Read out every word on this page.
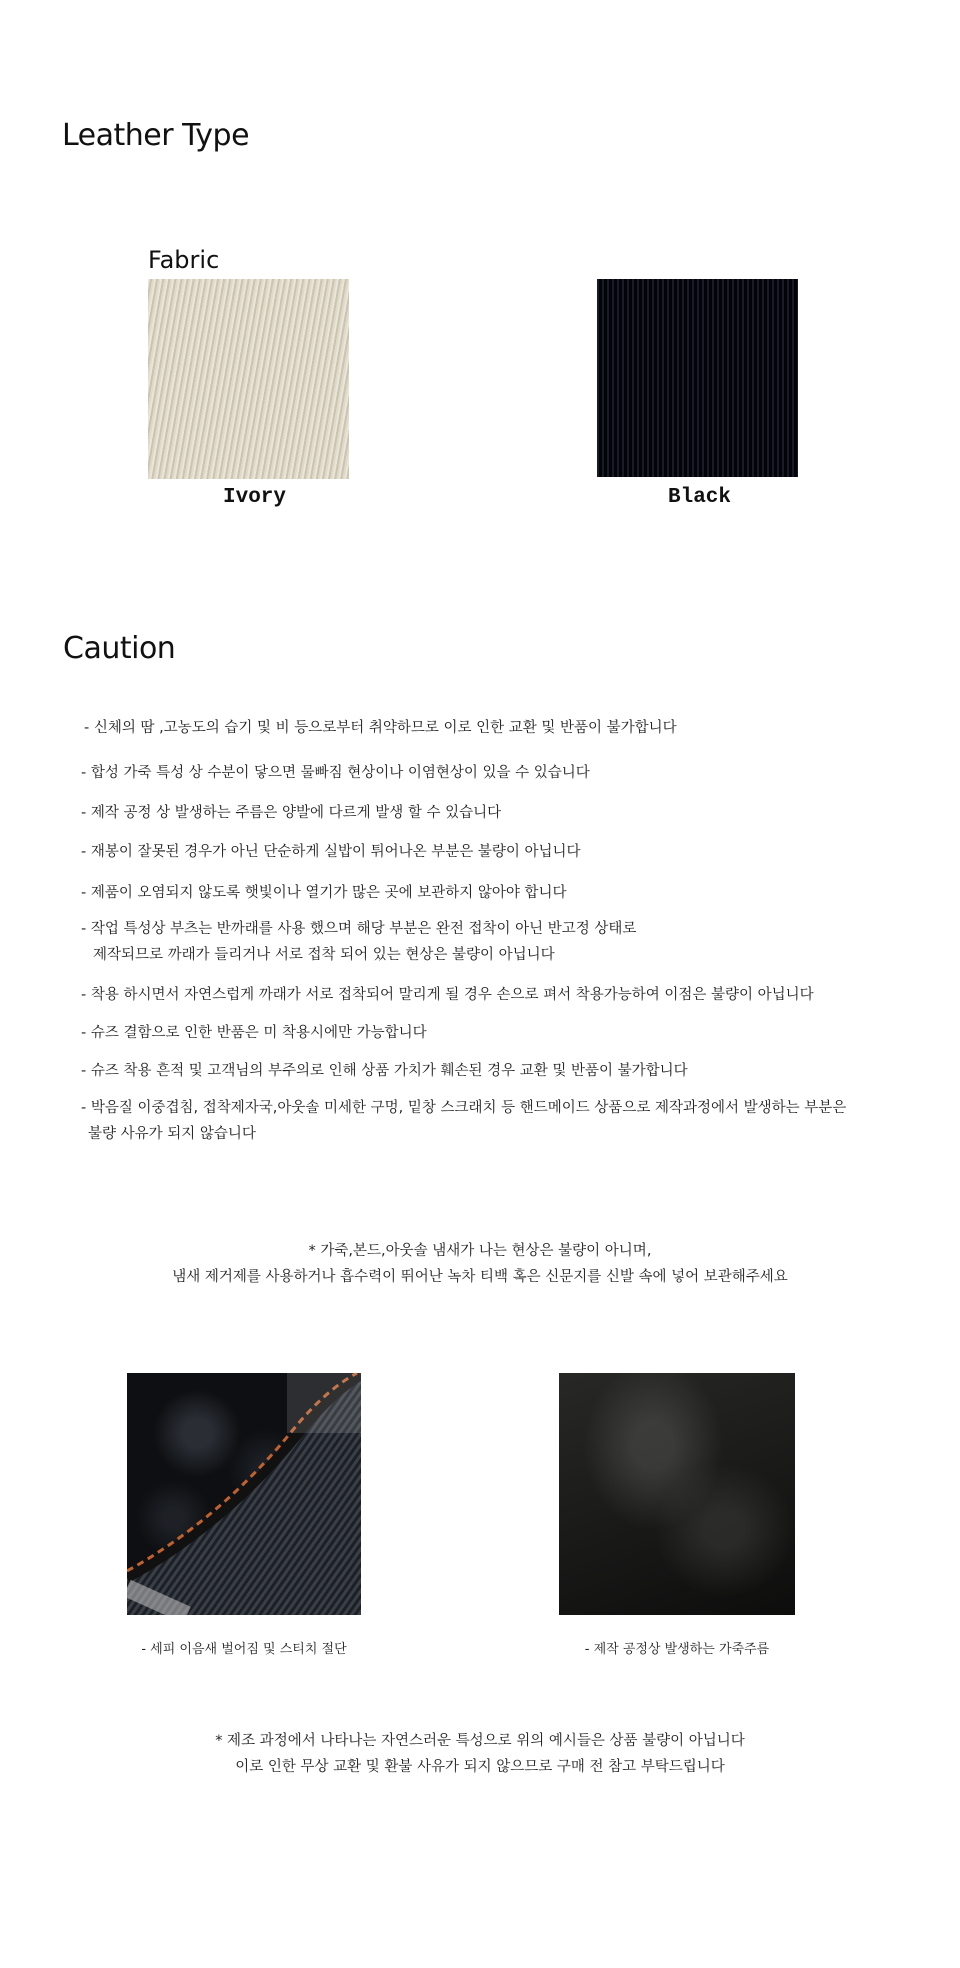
Leather Type
Fabric
Ivory	Black
Caution
- 신체의 땀 ,고농도의 습기 및 비 등으로부터 취약하므로 이로 인한 교환 및 반품이 불가합니다
- 합성 가죽 특성 상 수분이 닿으면 물빠짐 현상이나 이염현상이 있을 수 있습니다
- 제작 공정 상 발생하는 주름은 양발에 다르게 발생 할 수 있습니다
- 재봉이 잘못된 경우가 아닌 단순하게 실밥이 튀어나온 부분은 불량이 아닙니다
- 제품이 오염되지 않도록 햇빛이나 열기가 많은 곳에 보관하지 않아야 합니다
- 작업 특성상 부츠는 반까래를 사용 했으며 해당 부분은 완전 접착이 아닌 반고정 상태로
제작되므로 까래가 들리거나 서로 접착 되어 있는 현상은 불량이 아닙니다
- 착용 하시면서 자연스럽게 까래가 서로 접착되어 말리게 될 경우 손으로 펴서 착용가능하여 이점은 불량이 아닙니다
- 슈즈 결함으로 인한 반품은 미 착용시에만 가능합니다
- 슈즈 착용 흔적 및 고객님의 부주의로 인해 상품 가치가 훼손된 경우 교환 및 반품이 불가합니다
- 박음질 이중겹침, 접착제자국,아웃솔 미세한 구멍, 밑창 스크래치 등 핸드메이드 상품으로 제작과정에서 발생하는 부분은
불량 사유가 되지 않습니다
* 가죽,본드,아웃솔 냄새가 나는 현상은 불량이 아니며,
냄새 제거제를 사용하거나 흡수력이 뛰어난 녹차 티백 혹은 신문지를 신발 속에 넣어 보관해주세요
- 세피 이음새 벌어짐 및 스티치 절단	- 제작 공정상 발생하는 가죽주름
* 제조 과정에서 나타나는 자연스러운 특성으로 위의 예시들은 상품 불량이 아닙니다
이로 인한 무상 교환 및 환불 사유가 되지 않으므로 구매 전 참고 부탁드립니다
